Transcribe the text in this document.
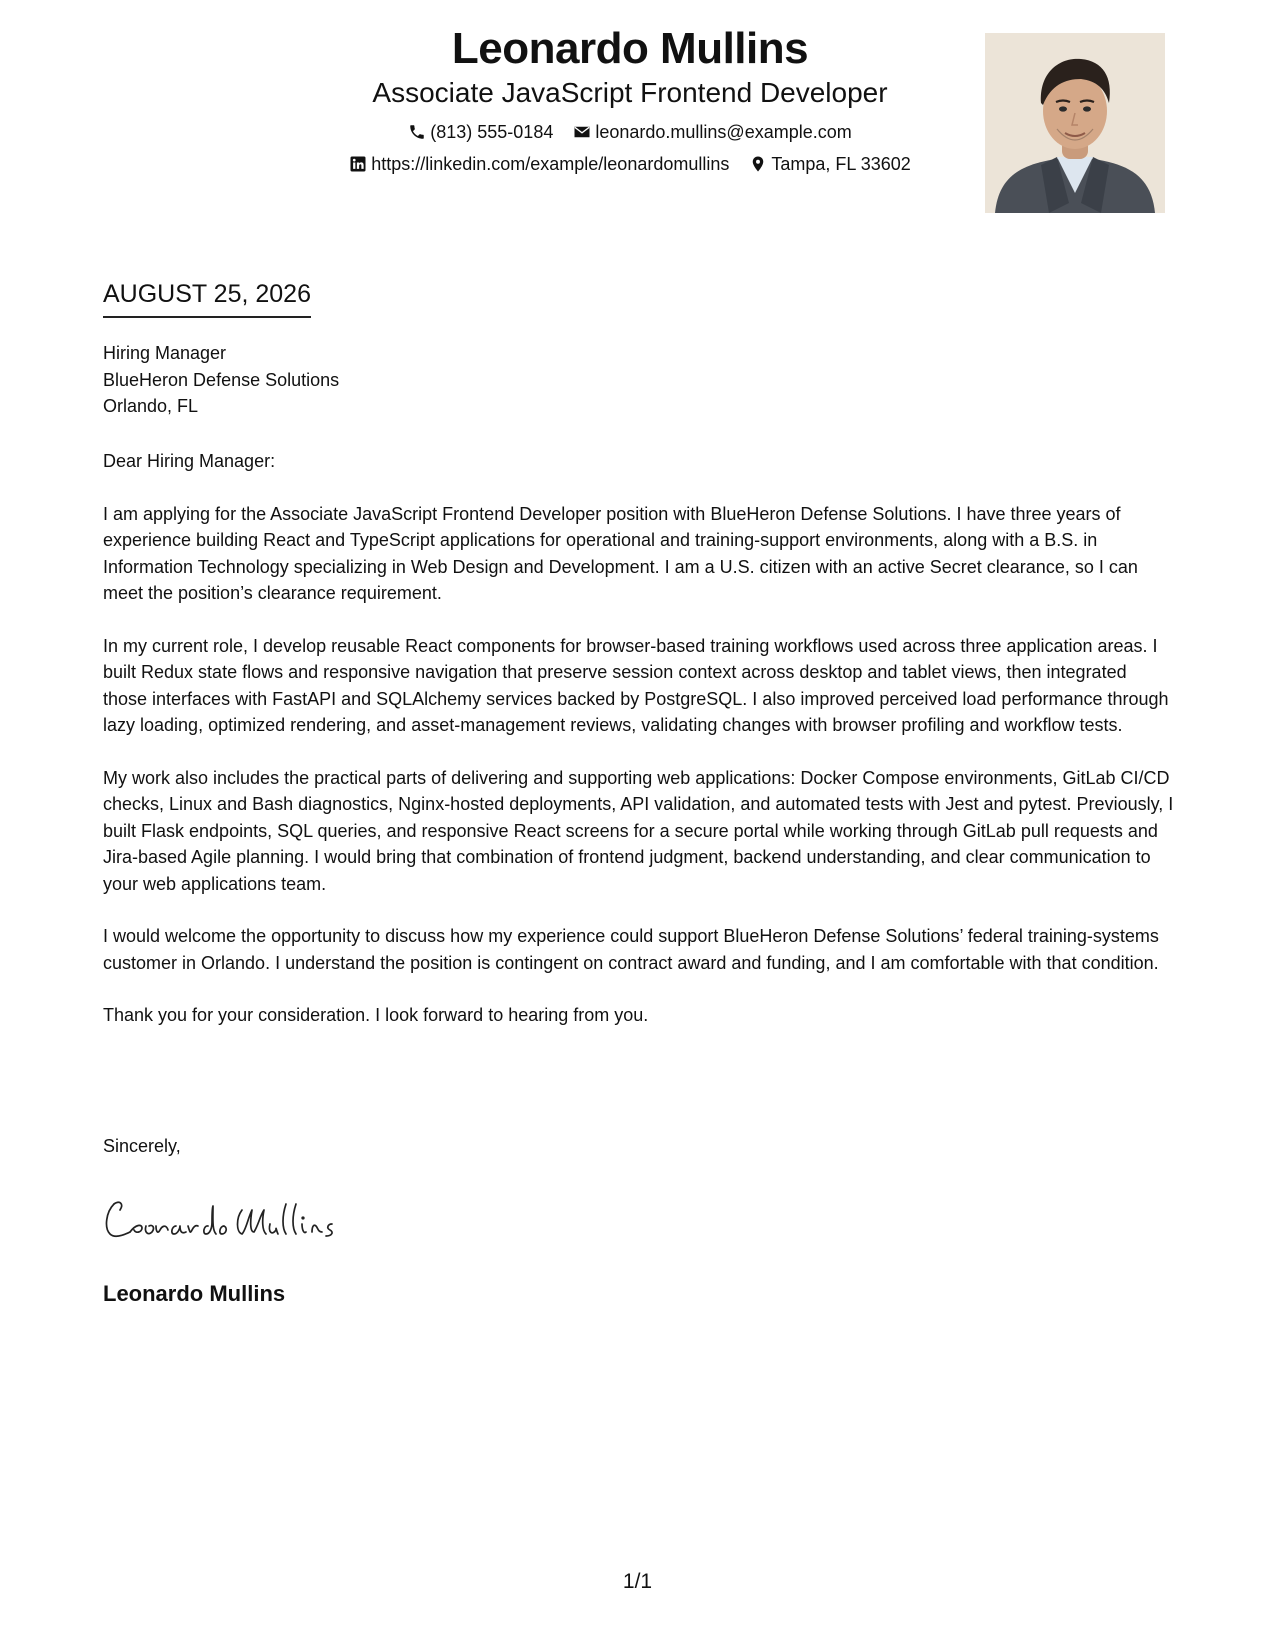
Leonardo Mullins
Associate JavaScript Frontend Developer
(813) 555-0184 leonardo.mullins@example.com
https://linkedin.com/example/leonardomullins Tampa, FL 33602
AUGUST 25, 2026
Hiring Manager
BlueHeron Defense Solutions
Orlando, FL

Dear Hiring Manager:

I am applying for the Associate JavaScript Frontend Developer position with BlueHeron Defense Solutions. I have three years of experience building React and TypeScript applications for operational and training-support environments, along with a B.S. in Information Technology specializing in Web Design and Development. I am a U.S. citizen with an active Secret clearance, so I can meet the position’s clearance requirement.

In my current role, I develop reusable React components for browser-based training workflows used across three application areas. I built Redux state flows and responsive navigation that preserve session context across desktop and tablet views, then integrated those interfaces with FastAPI and SQLAlchemy services backed by PostgreSQL. I also improved perceived load performance through lazy loading, optimized rendering, and asset-management reviews, validating changes with browser profiling and workflow tests.

My work also includes the practical parts of delivering and supporting web applications: Docker Compose environments, GitLab CI/CD checks, Linux and Bash diagnostics, Nginx-hosted deployments, API validation, and automated tests with Jest and pytest. Previously, I built Flask endpoints, SQL queries, and responsive React screens for a secure portal while working through GitLab pull requests and Jira-based Agile planning. I would bring that combination of frontend judgment, backend understanding, and clear communication to your web applications team.

I would welcome the opportunity to discuss how my experience could support BlueHeron Defense Solutions’ federal training-systems customer in Orlando. I understand the position is contingent on contract award and funding, and I am comfortable with that condition.

Thank you for your consideration. I look forward to hearing from you.

Sincerely,
Leonardo Mullins
1/1
